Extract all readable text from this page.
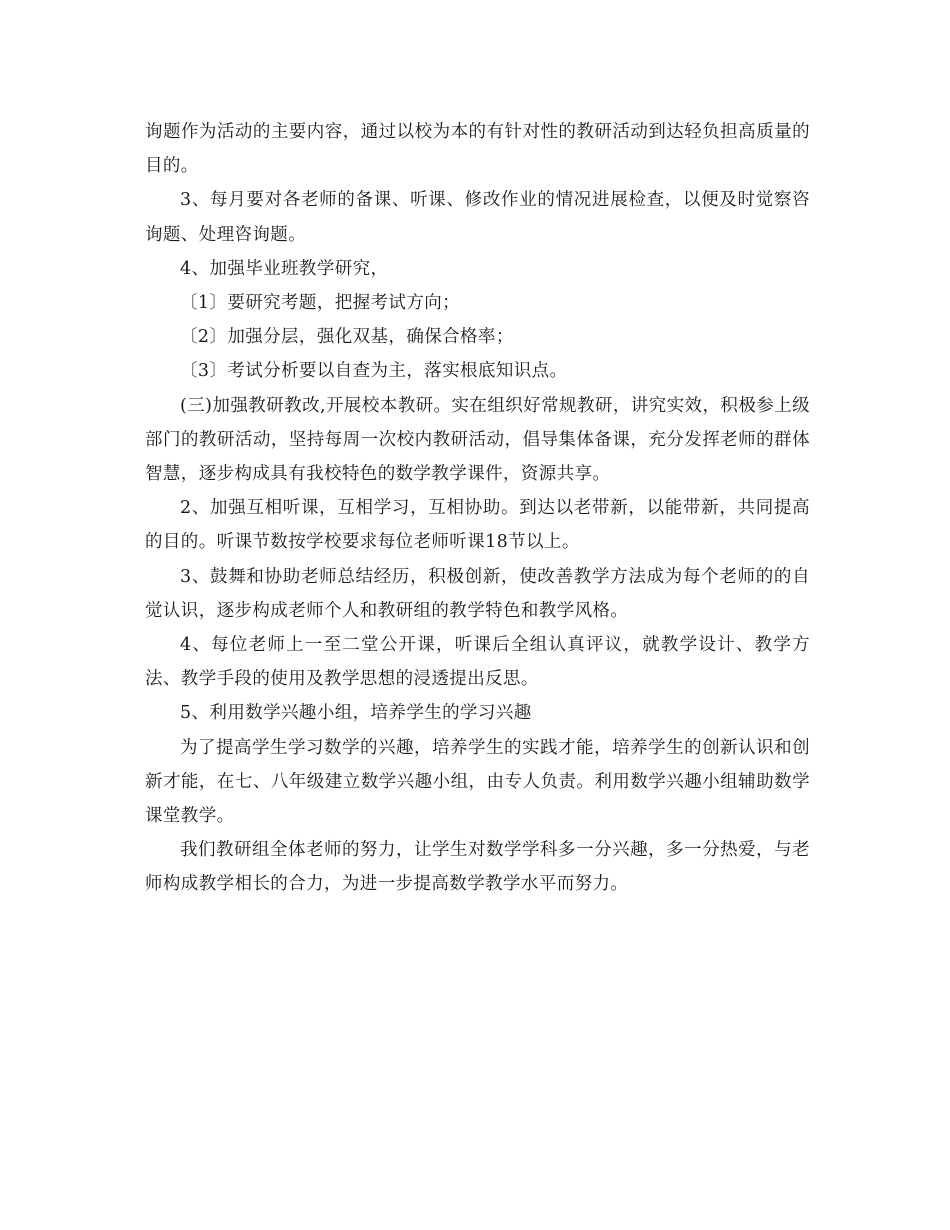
询题作为活动的主要内容，通过以校为本的有针对性的教研活动到达轻负担高质量的目的。

3、每月要对各老师的备课、听课、修改作业的情况进展检查，以便及时觉察咨询题、处理咨询题。

4、加强毕业班教学研究，

〔1〕要研究考题，把握考试方向；

〔2〕加强分层，强化双基，确保合格率；

〔3〕考试分析要以自查为主，落实根底知识点。

(三)加强教研教改,开展校本教研。实在组织好常规教研，讲究实效，积极参上级部门的教研活动，坚持每周一次校内教研活动，倡导集体备课，充分发挥老师的群体智慧，逐步构成具有我校特色的数学教学课件，资源共享。

2、加强互相听课，互相学习，互相协助。到达以老带新，以能带新，共同提高的目的。听课节数按学校要求每位老师听课18节以上。

3、鼓舞和协助老师总结经历，积极创新，使改善教学方法成为每个老师的的自觉认识，逐步构成老师个人和教研组的教学特色和教学风格。

4、每位老师上一至二堂公开课，听课后全组认真评议，就教学设计、教学方法、教学手段的使用及教学思想的浸透提出反思。

5、利用数学兴趣小组，培养学生的学习兴趣

为了提高学生学习数学的兴趣，培养学生的实践才能，培养学生的创新认识和创新才能，在七、八年级建立数学兴趣小组，由专人负责。利用数学兴趣小组辅助数学课堂教学。

我们教研组全体老师的努力，让学生对数学学科多一分兴趣，多一分热爱，与老师构成教学相长的合力，为进一步提高数学教学水平而努力。
